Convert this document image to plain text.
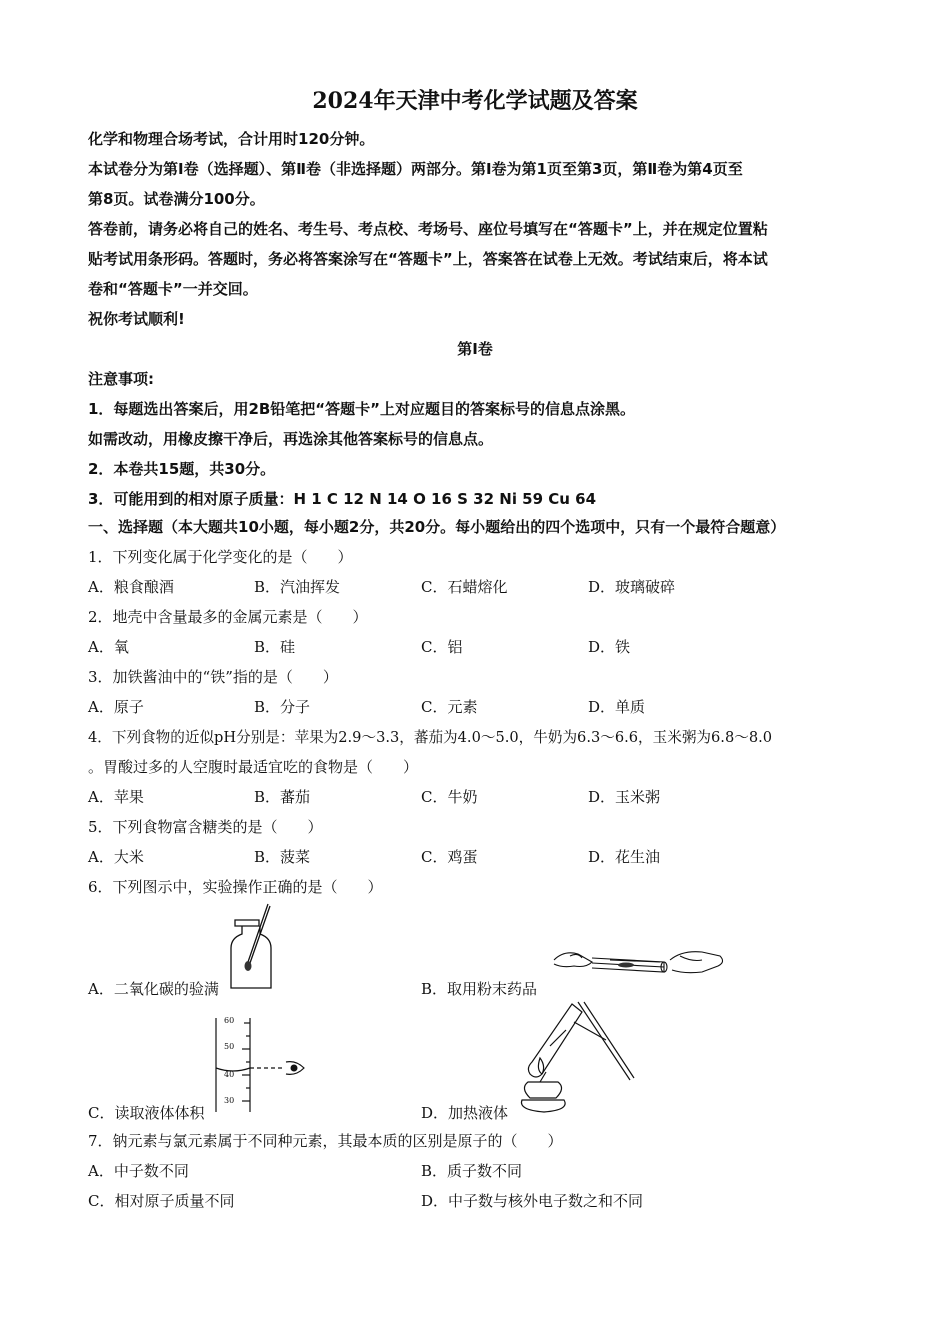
2024年天津中考化学试题及答案
化学和物理合场考试，合计用时120分钟。
本试卷分为第Ⅰ卷（选择题）、第Ⅱ卷（非选择题）两部分。第Ⅰ卷为第1页至第3页，第Ⅱ卷为第4页至
第8页。试卷满分100分。
答卷前，请务必将自己的姓名、考生号、考点校、考场号、座位号填写在“答题卡”上，并在规定位置粘
贴考试用条形码。答题时，务必将答案涂写在“答题卡”上，答案答在试卷上无效。考试结束后，将本试
卷和“答题卡”一并交回。
祝你考试顺利!
第Ⅰ卷
注意事项:
1．每题选出答案后，用2B铅笔把“答题卡”上对应题目的答案标号的信息点涂黑。
如需改动，用橡皮擦干净后，再选涂其他答案标号的信息点。
2．本卷共15题，共30分。
3．可能用到的相对原子质量：H 1 C 12 N 14 O 16 S 32 Ni 59 Cu 64
一、选择题（本大题共10小题，每小题2分，共20分。每小题给出的四个选项中，只有一个最符合题意）
1．下列变化属于化学变化的是（　　）
A．粮食酿酒	B．汽油挥发	C．石蜡熔化	D．玻璃破碎
2．地壳中含量最多的金属元素是（　　）
A．氧	B．硅	C．铝	D．铁
3．加铁酱油中的“铁”指的是（　　）
A．原子	B．分子	C．元素	D．单质
4．下列食物的近似pH分别是：苹果为2.9～3.3，蕃茄为4.0～5.0，牛奶为6.3～6.6，玉米粥为6.8～8.0
。胃酸过多的人空腹时最适宜吃的食物是（　　）
A．苹果	B．蕃茄	C．牛奶	D．玉米粥
5．下列食物富含糖类的是（　　）
A．大米	B．菠菜	C．鸡蛋	D．花生油
6．下列图示中，实验操作正确的是（　　）
A．二氧化碳的验满	B．取用粉末药品
60
50
40
30
C．读取液体体积	D．加热液体
7．钠元素与氯元素属于不同种元素，其最本质的区别是原子的（　　）
A．中子数不同	B．质子数不同
C．相对原子质量不同	D．中子数与核外电子数之和不同
